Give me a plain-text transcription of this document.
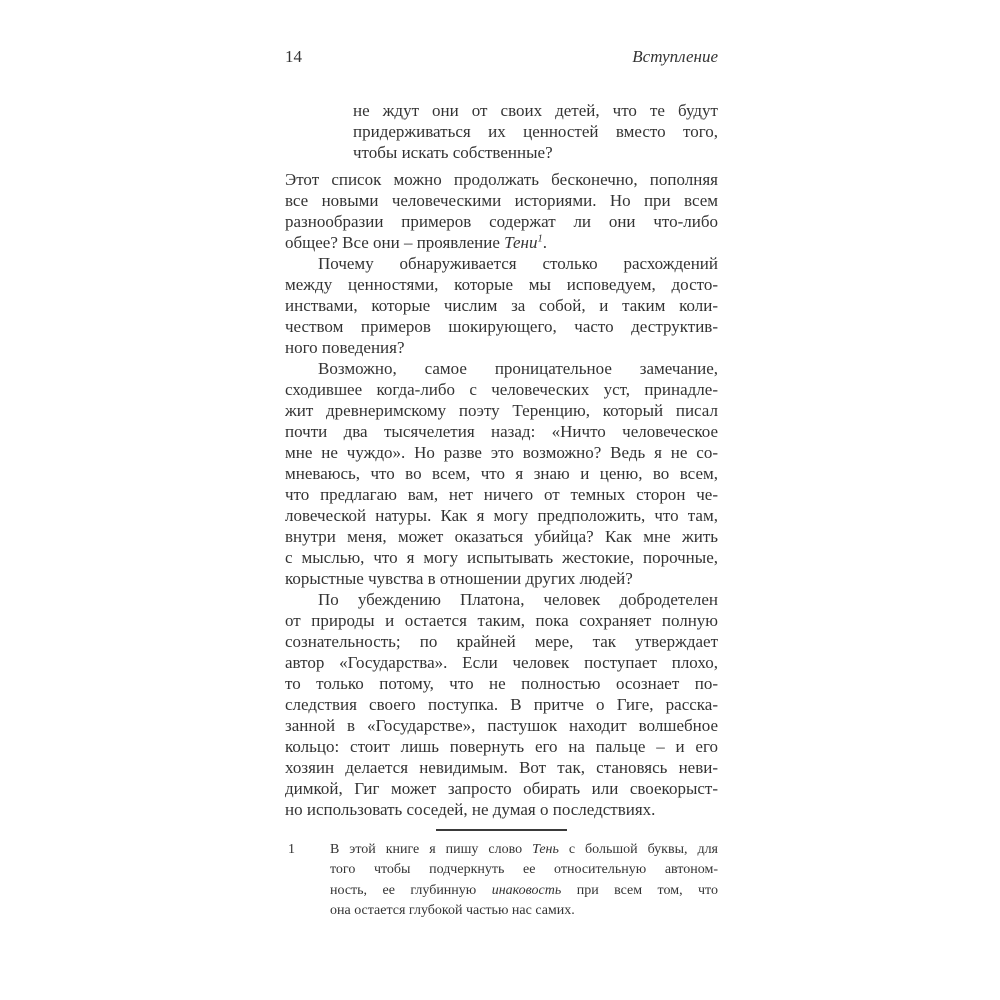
14	Вступление
не ждут они от своих детей, что те будут
придерживаться их ценностей вместо того,
чтобы искать собственные?
Этот список можно продолжать бесконечно, пополняя
все новыми человеческими историями. Но при всем
разнообразии примеров содержат ли они что-либо
общее? Все они – проявление Тени$^1$.
Почему обнаруживается столько расхождений
между ценностями, которые мы исповедуем, досто-
инствами, которые числим за собой, и таким коли-
чеством примеров шокирующего, часто деструктив-
ного поведения?
Возможно, самое проницательное замечание,
сходившее когда-либо с человеческих уст, принадле-
жит древнеримскому поэту Теренцию, который писал
почти два тысячелетия назад: «Ничто человеческое
мне не чуждо». Но разве это возможно? Ведь я не со-
мневаюсь, что во всем, что я знаю и ценю, во всем,
что предлагаю вам, нет ничего от темных сторон че-
ловеческой натуры. Как я могу предположить, что там,
внутри меня, может оказаться убийца? Как мне жить
с мыслью, что я могу испытывать жестокие, порочные,
корыстные чувства в отношении других людей?
По убеждению Платона, человек добродетелен
от природы и остается таким, пока сохраняет полную
сознательность; по крайней мере, так утверждает
автор «Государства». Если человек поступает плохо,
то только потому, что не полностью осознает по-
следствия своего поступка. В притче о Гиге, расска-
занной в «Государстве», пастушок находит волшебное
кольцо: стоит лишь повернуть его на пальце – и его
хозяин делается невидимым. Вот так, становясь неви-
димкой, Гиг может запросто обирать или своекорыст-
но использовать соседей, не думая о последствиях.
1	В этой книге я пишу слово Тень с большой буквы, для
того чтобы подчеркнуть ее относительную автоном-
ность, ее глубинную инаковость при всем том, что
она остается глубокой частью нас самих.
